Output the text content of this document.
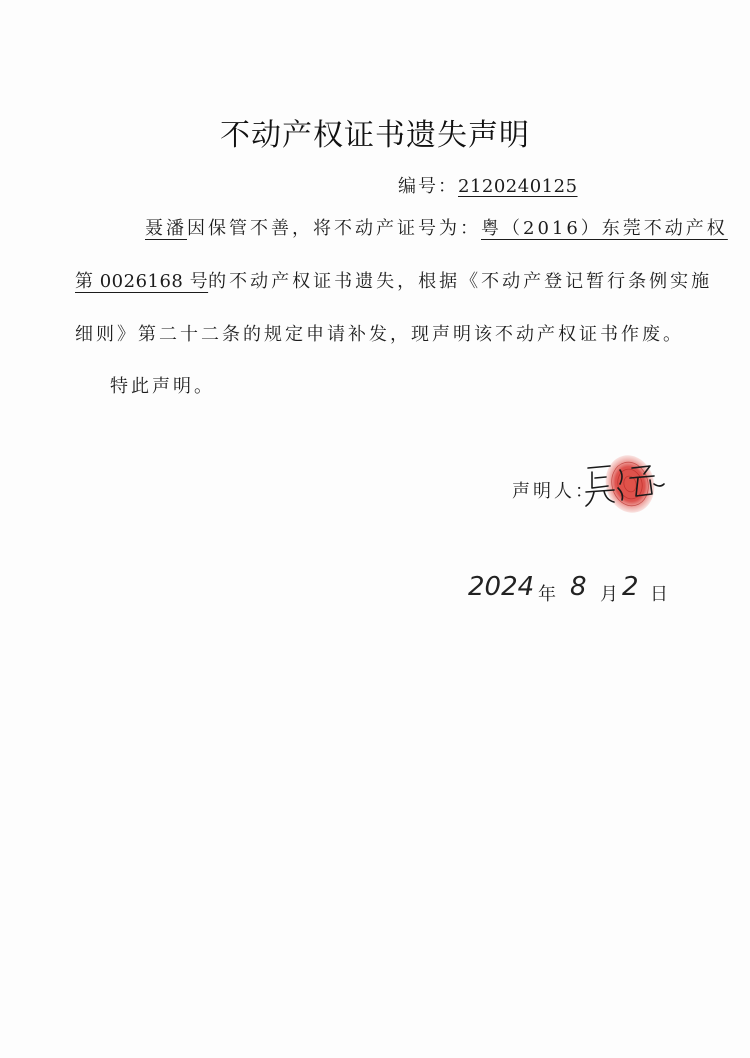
不动产权证书遗失声明
编号：2120240125
聂潘因保管不善，将不动产证号为：粤（2016）东莞不动产权
第 0026168 号的不动产权证书遗失，根据《不动产登记暂行条例实施
细则》第二十二条的规定申请补发，现声明该不动产权证书作废。
特此声明。
声明人：
2024 年 8 月 2 日
